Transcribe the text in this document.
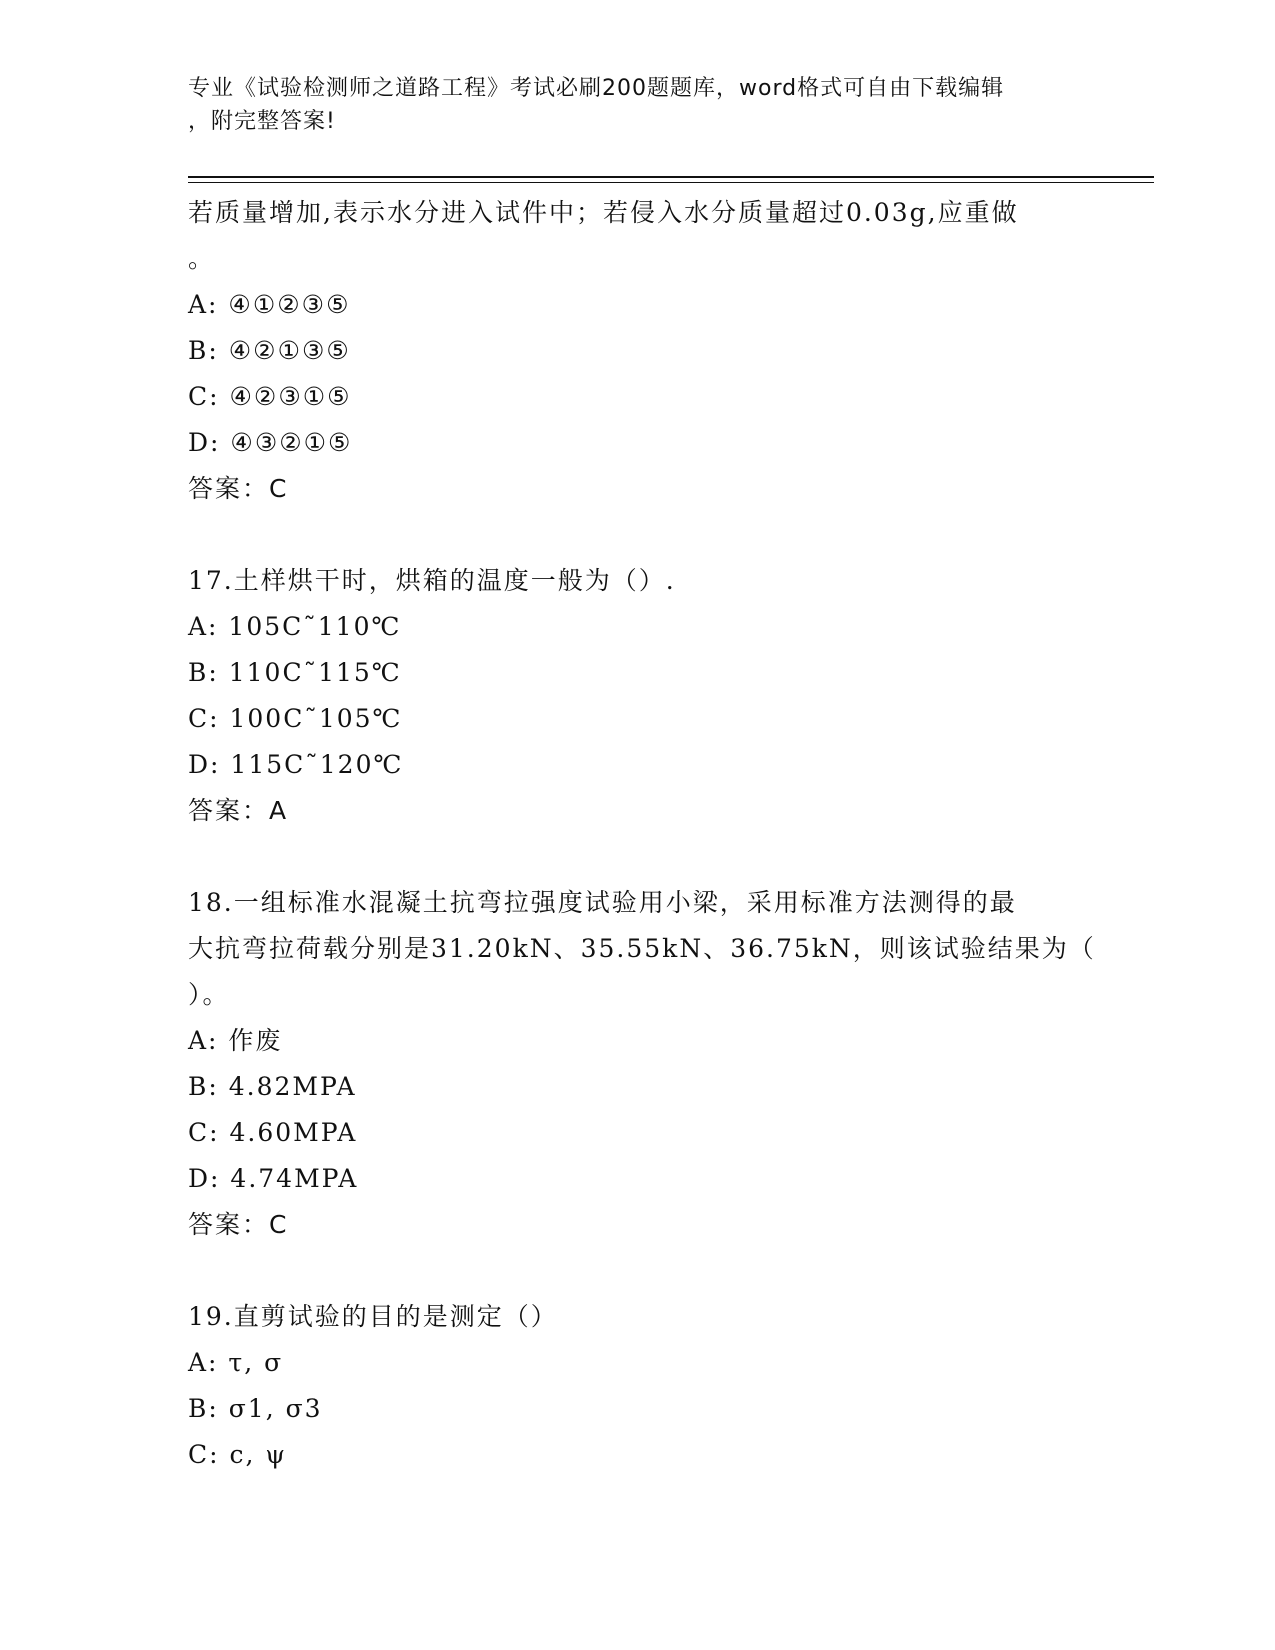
专业《试验检测师之道路工程》考试必刷200题题库，word格式可自由下载编辑
，附完整答案!
若质量增加,表示水分进入试件中；若侵入水分质量超过0.03g,应重做
。
A: ④①②③⑤
B: ④②①③⑤
C: ④②③①⑤
D: ④③②①⑤
答案：C
17.土样烘干时，烘箱的温度一般为（）.
A: 105C˜110℃
B: 110C˜115℃
C: 100C˜105℃
D: 115C˜120℃
答案：A
18.一组标准水混凝土抗弯拉强度试验用小梁，采用标准方法测得的最
大抗弯拉荷载分别是31.20kN、35.55kN、36.75kN，则该试验结果为（
）。
A: 作废
B: 4.82MPA
C: 4.60MPA
D: 4.74MPA
答案：C
19.直剪试验的目的是测定（）
A: τ, σ
B: σ1, σ3
C: c, ψ
